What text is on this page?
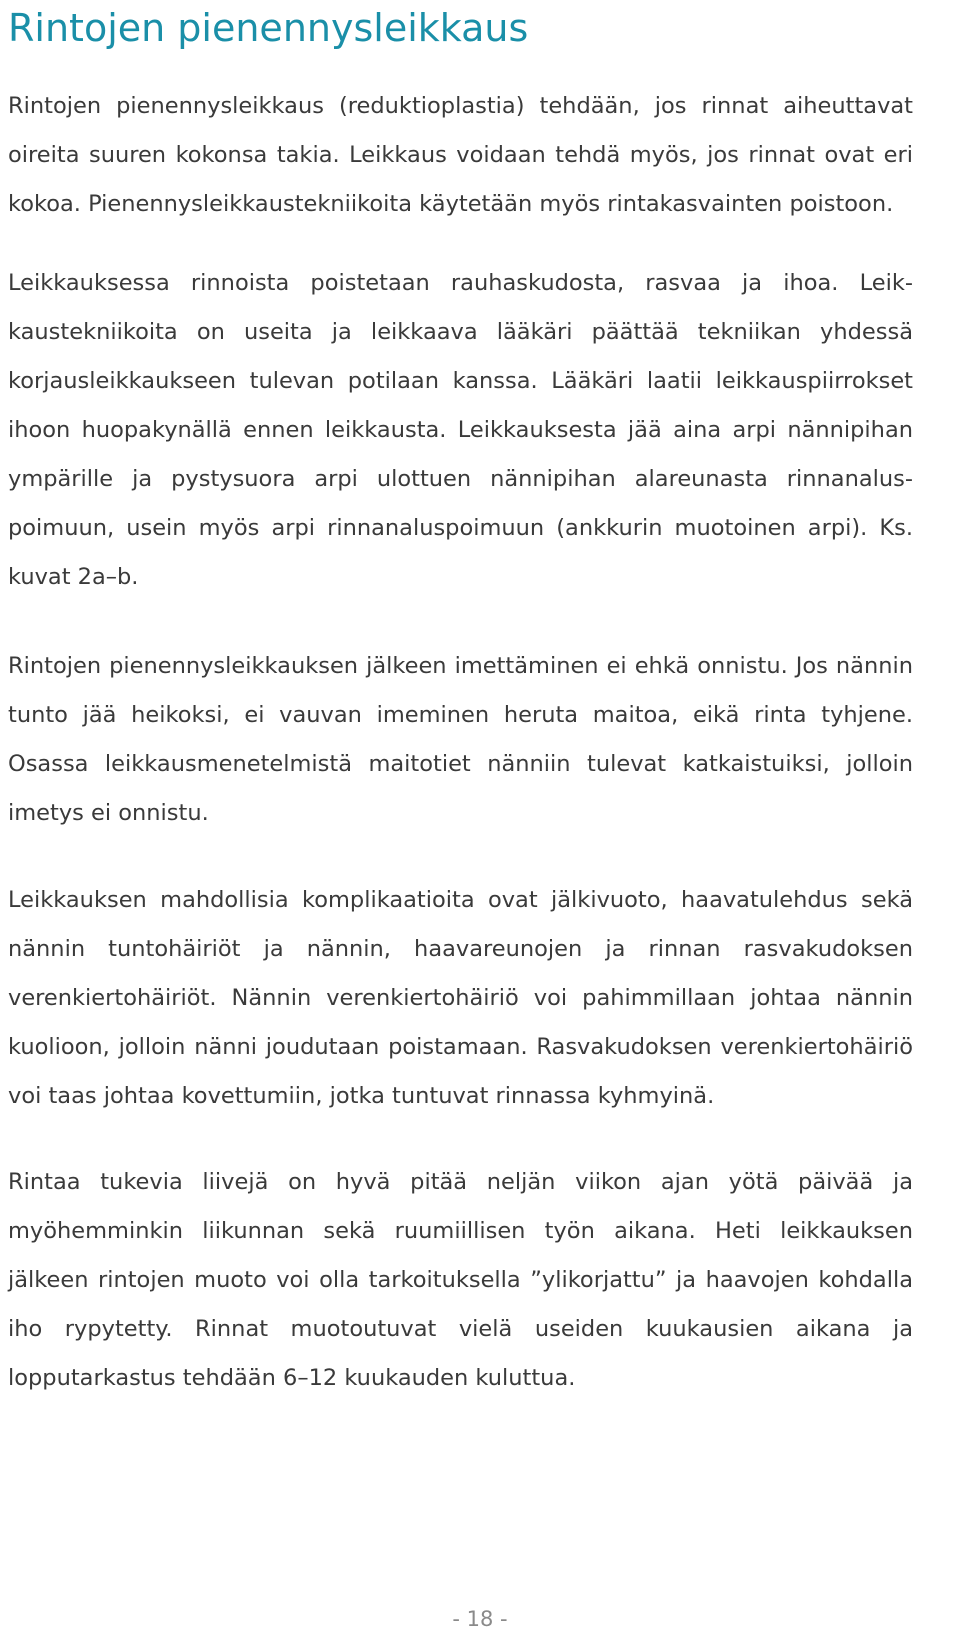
Rintojen pienennysleikkaus

Rintojen pienennysleikkaus (reduktioplastia) tehdään, jos rinnat aiheuttavat oireita suuren kokonsa takia. Leikkaus voidaan tehdä myös, jos rinnat ovat eri kokoa. Pienennysleikkaustekniikoita käytetään myös rintakasvainten poistoon.

Leikkauksessa rinnoista poistetaan rauhaskudosta, rasvaa ja ihoa. Leikkaustekniikoita on useita ja leikkaava lääkäri päättää tekniikan yhdessä korjausleikkaukseen tulevan potilaan kanssa. Lääkäri laatii leikkauspiirrokset ihoon huopakynällä ennen leikkausta. Leikkauksesta jää aina arpi nännipihan ympärille ja pystysuora arpi ulottuen nännipihan alareunasta rinnanaluspoimuun, usein myös arpi rinnanaluspoimuun (ankkurin muotoinen arpi). Ks. kuvat 2a–b.

Rintojen pienennysleikkauksen jälkeen imettäminen ei ehkä onnistu. Jos nännin tunto jää heikoksi, ei vauvan imeminen heruta maitoa, eikä rinta tyhjene. Osassa leikkausmenetelmistä maitotiet nänniin tulevat katkaistuiksi, jolloin imetys ei onnistu.

Leikkauksen mahdollisia komplikaatioita ovat jälkivuoto, haavatulehdus sekä nännin tuntohäiriöt ja nännin, haavareunojen ja rinnan rasvakudoksen verenkiertohäiriöt. Nännin verenkiertohäiriö voi pahimmillaan johtaa nännin kuolioon, jolloin nänni joudutaan poistamaan. Rasvakudoksen verenkiertohäiriö voi taas johtaa kovettumiin, jotka tuntuvat rinnassa kyhmyinä.

Rintaa tukevia liivejä on hyvä pitää neljän viikon ajan yötä päivää ja myöhemminkin liikunnan sekä ruumiillisen työn aikana. Heti leikkauksen jälkeen rintojen muoto voi olla tarkoituksella ”ylikorjattu” ja haavojen kohdalla iho rypytetty. Rinnat muotoutuvat vielä useiden kuukausien aikana ja lopputarkastus tehdään 6–12 kuukauden kuluttua.

- 18 -
